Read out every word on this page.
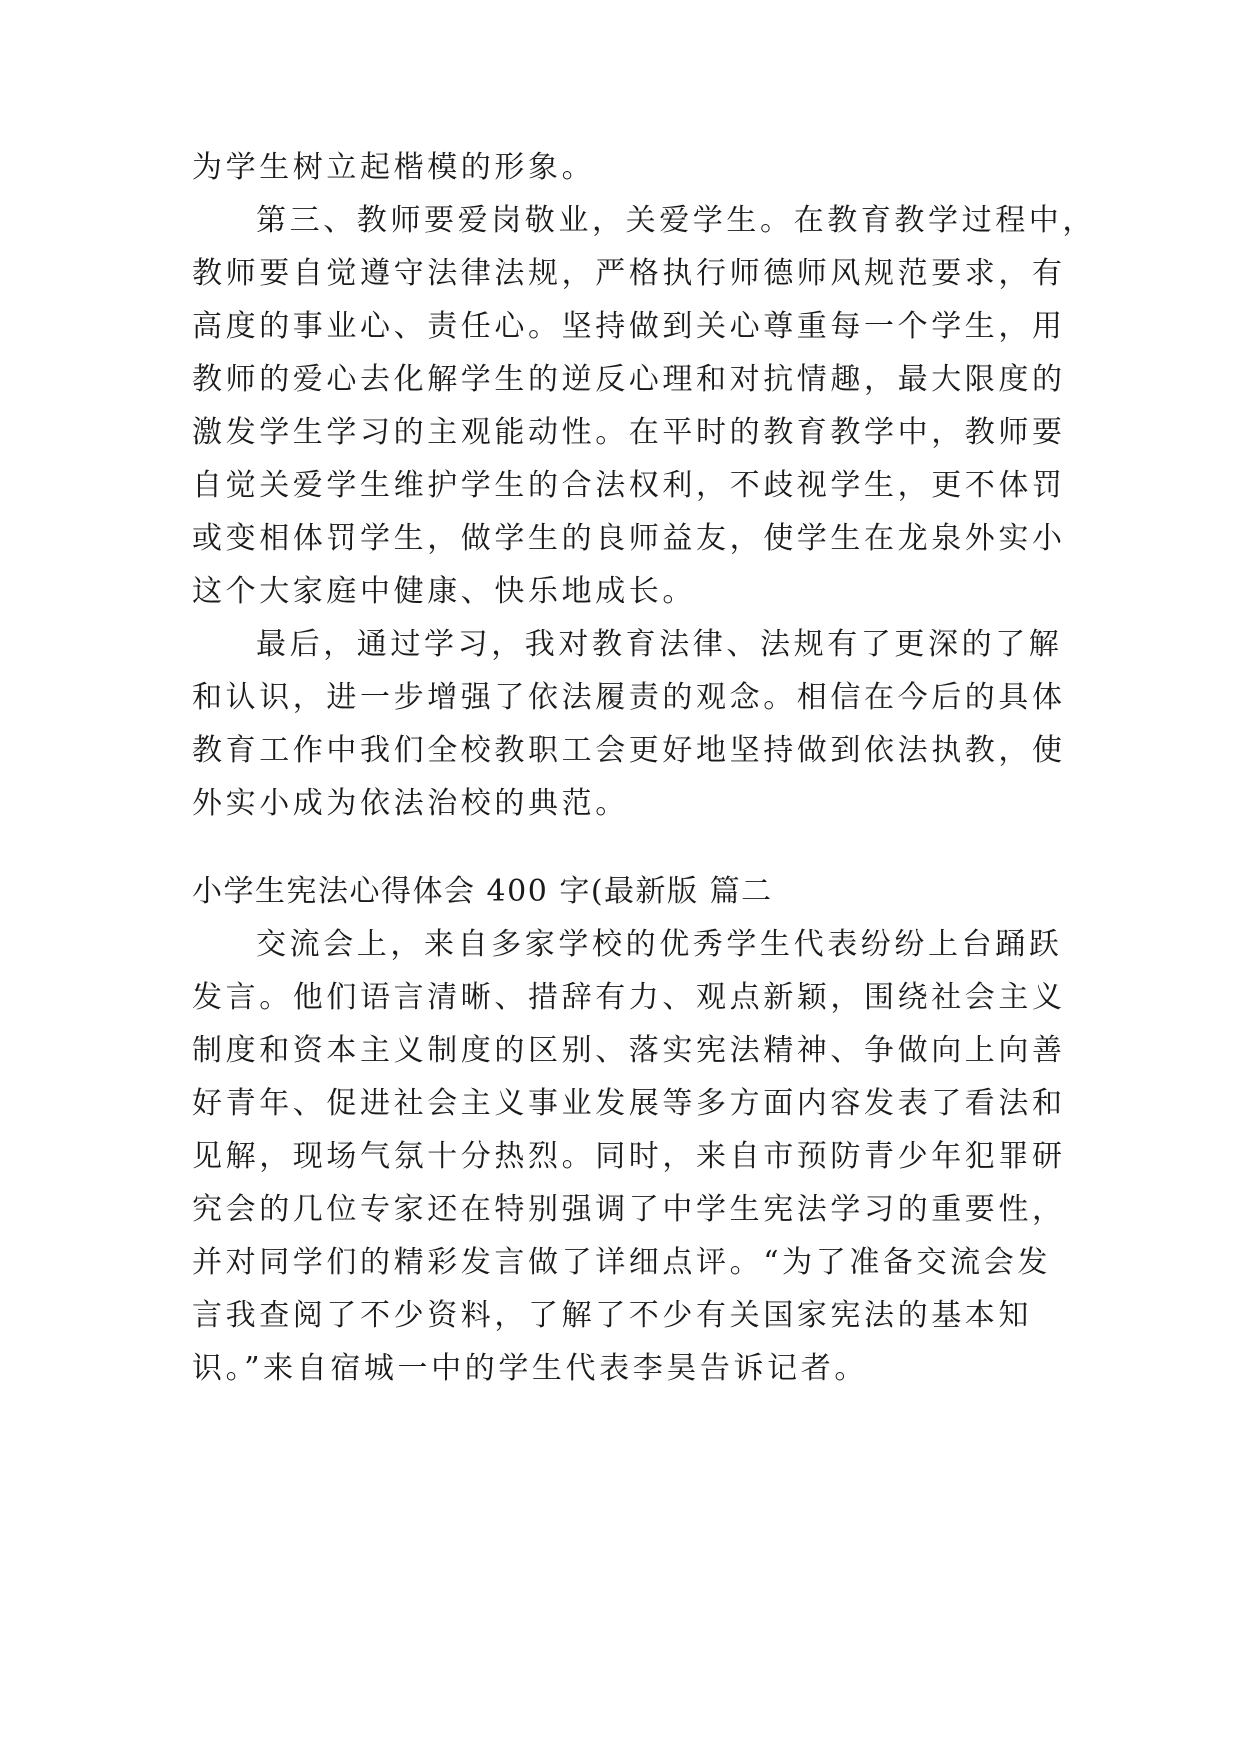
为学生树立起楷模的形象。
第三、教师要爱岗敬业，关爱学生。在教育教学过程中，
教师要自觉遵守法律法规，严格执行师德师风规范要求，有
高度的事业心、责任心。坚持做到关心尊重每一个学生，用
教师的爱心去化解学生的逆反心理和对抗情趣，最大限度的
激发学生学习的主观能动性。在平时的教育教学中，教师要
自觉关爱学生维护学生的合法权利，不歧视学生，更不体罚
或变相体罚学生，做学生的良师益友，使学生在龙泉外实小
这个大家庭中健康、快乐地成长。
最后，通过学习，我对教育法律、法规有了更深的了解
和认识，进一步增强了依法履责的观念。相信在今后的具体
教育工作中我们全校教职工会更好地坚持做到依法执教，使
外实小成为依法治校的典范。
小学生宪法心得体会 400 字(最新版 篇二
交流会上，来自多家学校的优秀学生代表纷纷上台踊跃
发言。他们语言清晰、措辞有力、观点新颖，围绕社会主义
制度和资本主义制度的区别、落实宪法精神、争做向上向善
好青年、促进社会主义事业发展等多方面内容发表了看法和
见解，现场气氛十分热烈。同时，来自市预防青少年犯罪研
究会的几位专家还在特别强调了中学生宪法学习的重要性，
并对同学们的精彩发言做了详细点评。“为了准备交流会发
言我查阅了不少资料，了解了不少有关国家宪法的基本知
识。”来自宿城一中的学生代表李昊告诉记者。
